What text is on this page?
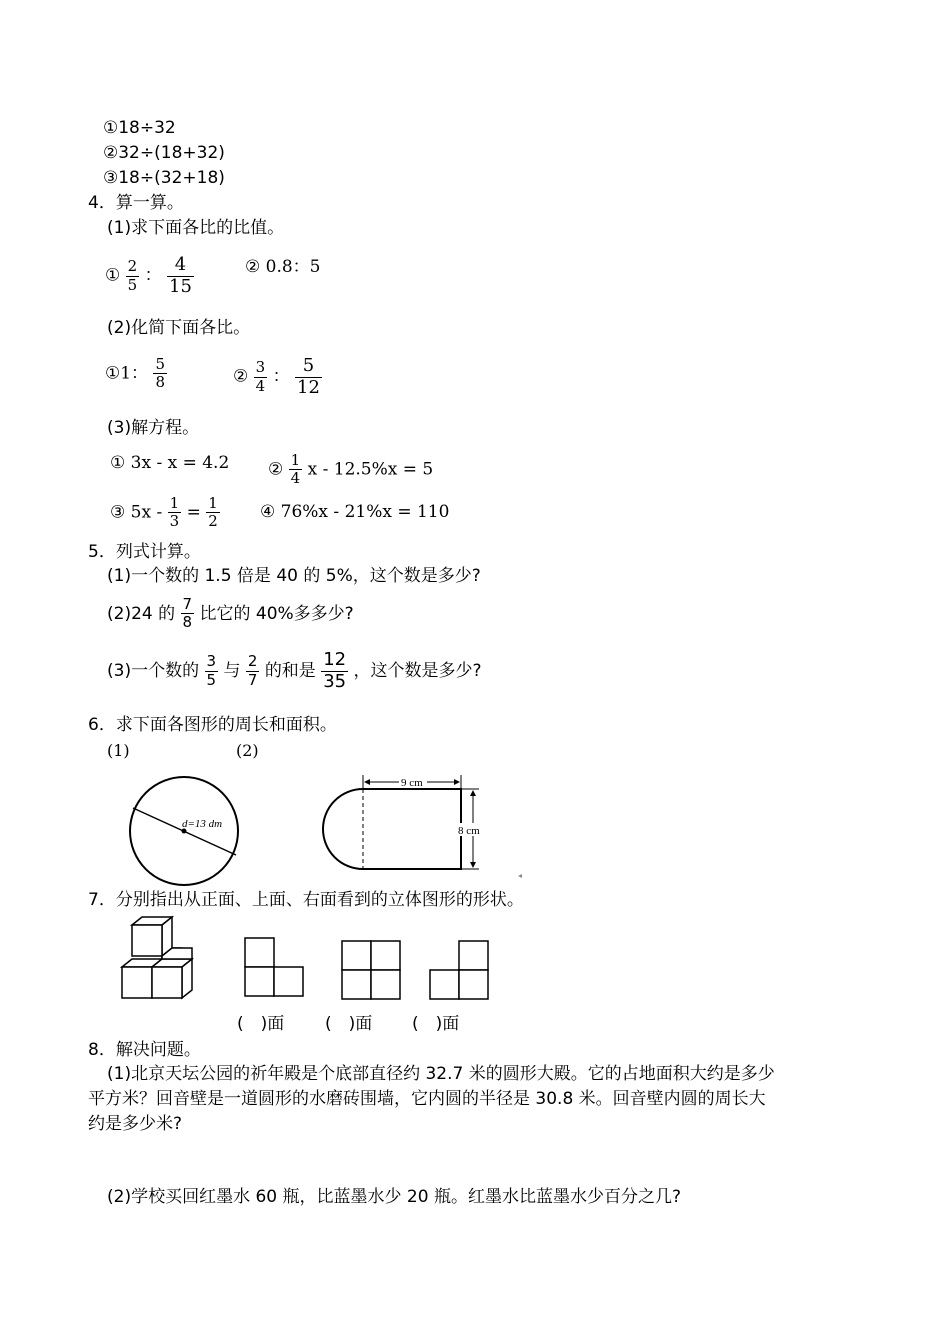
①18÷32
②32÷(18+32)
③18÷(32+18)
4．算一算。
(1)求下面各比的比值。
① $\frac{2}{5}$ ： $\frac{4}{15}$	② 0.8：5
(2)化简下面各比。
①1： $\frac{5}{8}$	② $\frac{3}{4}$ ： $\frac{5}{12}$
(3)解方程。
① 3x - x = 4.2 ② $\frac{1}{4}$ x - 12.5%x = 5
③ $5x - \frac{1}{3} = \frac{1}{2}$ ④ 76%x - 21%x = 110
5．列式计算。
(1)一个数的 1.5 倍是 40 的 5%，这个数是多少?
(2)24 的 $\frac{7}{8}$ 比它的 40%多多少?
(3)一个数的 $\frac{3}{5}$ 与 $\frac{2}{7}$ 的和是 $\frac{12}{35}$ ，这个数是多少?
6．求下面各图形的周长和面积。
(1)	(2)
d=13 dm
9 cm
8 cm
7．分别指出从正面、上面、右面看到的立体图形的形状。
(　)面 (　)面 (　)面
8．解决问题。
(1)北京天坛公园的祈年殿是个底部直径约 32.7 米的圆形大殿。它的占地面积大约是多少
平方米？回音壁是一道圆形的水磨砖围墙，它内圆的半径是 30.8 米。回音壁内圆的周长大
约是多少米?
(2)学校买回红墨水 60 瓶，比蓝墨水少 20 瓶。红墨水比蓝墨水少百分之几?
